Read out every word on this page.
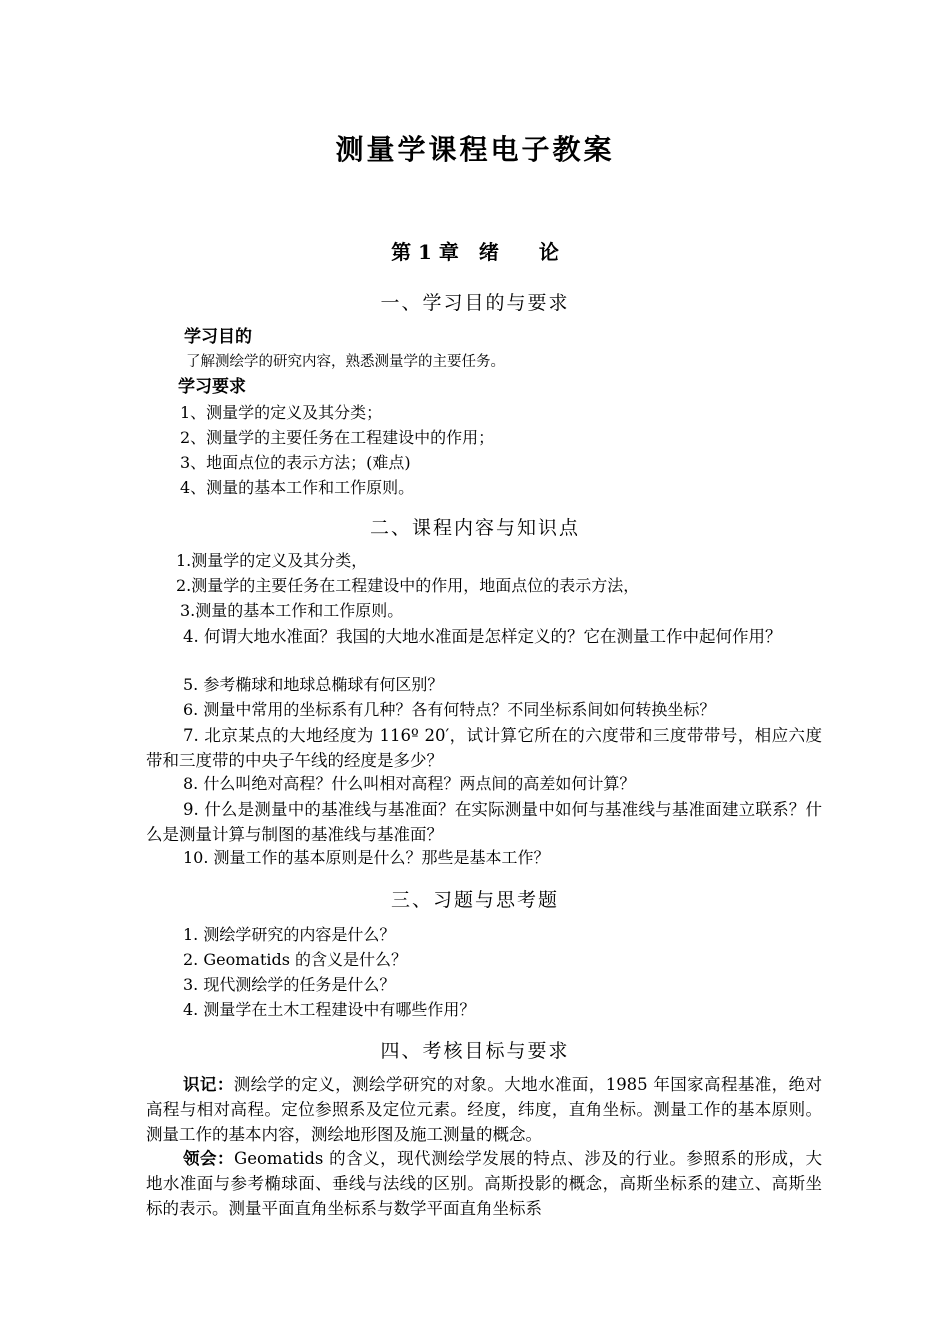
测量学课程电子教案
第 1 章　绪　　论
一、学习目的与要求
学习目的
了解测绘学的研究内容，熟悉测量学的主要任务。
学习要求
1、测量学的定义及其分类；
2、测量学的主要任务在工程建设中的作用；
3、地面点位的表示方法；(难点)
4、测量的基本工作和工作原则。
二、课程内容与知识点
1.测量学的定义及其分类，
2.测量学的主要任务在工程建设中的作用，地面点位的表示方法，
3.测量的基本工作和工作原则。
4. 何谓大地水准面？我国的大地水准面是怎样定义的？它在测量工作中起何作用？
5. 参考椭球和地球总椭球有何区别？
6. 测量中常用的坐标系有几种？各有何特点？不同坐标系间如何转换坐标？
7. 北京某点的大地经度为 116º 20′，试计算它所在的六度带和三度带带号，相应六度带和三度带的中央子午线的经度是多少？
8. 什么叫绝对高程？什么叫相对高程？两点间的高差如何计算？
9. 什么是测量中的基准线与基准面？在实际测量中如何与基准线与基准面建立联系？什么是测量计算与制图的基准线与基准面？
10. 测量工作的基本原则是什么？那些是基本工作？
三、习题与思考题
1. 测绘学研究的内容是什么？
2. Geomatids 的含义是什么？
3. 现代测绘学的任务是什么？
4. 测量学在土木工程建设中有哪些作用？
四、考核目标与要求
识记：测绘学的定义，测绘学研究的对象。大地水准面，1985 年国家高程基准，绝对高程与相对高程。定位参照系及定位元素。经度，纬度，直角坐标。测量工作的基本原则。测量工作的基本内容，测绘地形图及施工测量的概念。
领会：Geomatids 的含义，现代测绘学发展的特点、涉及的行业。参照系的形成，大地水准面与参考椭球面、垂线与法线的区别。高斯投影的概念，高斯坐标系的建立、高斯坐标的表示。测量平面直角坐标系与数学平面直角坐标系
